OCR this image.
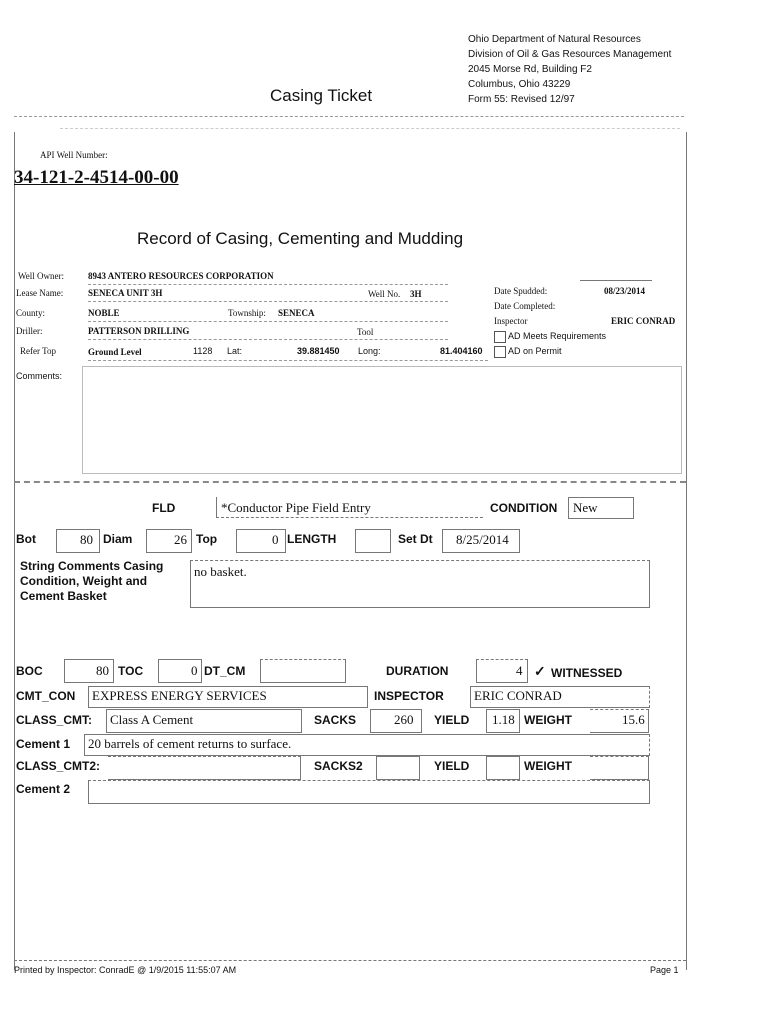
Ohio Department of Natural Resources
Division of Oil & Gas Resources Management
2045 Morse Rd, Building F2
Columbus, Ohio 43229
Form 55: Revised 12/97
Casing Ticket
API Well Number:
34-121-2-4514-00-00
Record of Casing, Cementing and Mudding
Well Owner:	8943 ANTERO RESOURCES CORPORATION
Lease Name:	SENECA UNIT 3H	Well No. 3H
County:	NOBLE	Township: SENECA
Driller:	PATTERSON DRILLING	Tool
Refer Top	Ground Level	1128 Lat:	39.881450 Long:	81.404160
Date Spudded:	08/23/2014
Date Completed:
Inspector	ERIC CONRAD
AD Meets Requirements
AD on Permit
Comments:
FLD	*Conductor Pipe Field Entry	CONDITION New
Bot	80 Diam	26 Top	0 LENGTH	Set Dt 8/25/2014
String Comments Casing
Condition, Weight and
Cement Basket
no basket.
BOC	80 TOC	0 DT_CM	DURATION	4 ✓ WITNESSED
CMT_CON EXPRESS ENERGY SERVICES	INSPECTOR ERIC CONRAD
CLASS_CMT: Class A Cement	SACKS	260 YIELD 1.18 WEIGHT	15.6
Cement 1 20 barrels of cement returns to surface.
CLASS_CMT2:	SACKS2	YIELD	WEIGHT
Cement 2
Printed by Inspector: ConradE @ 1/9/2015 11:55:07 AM	Page 1
